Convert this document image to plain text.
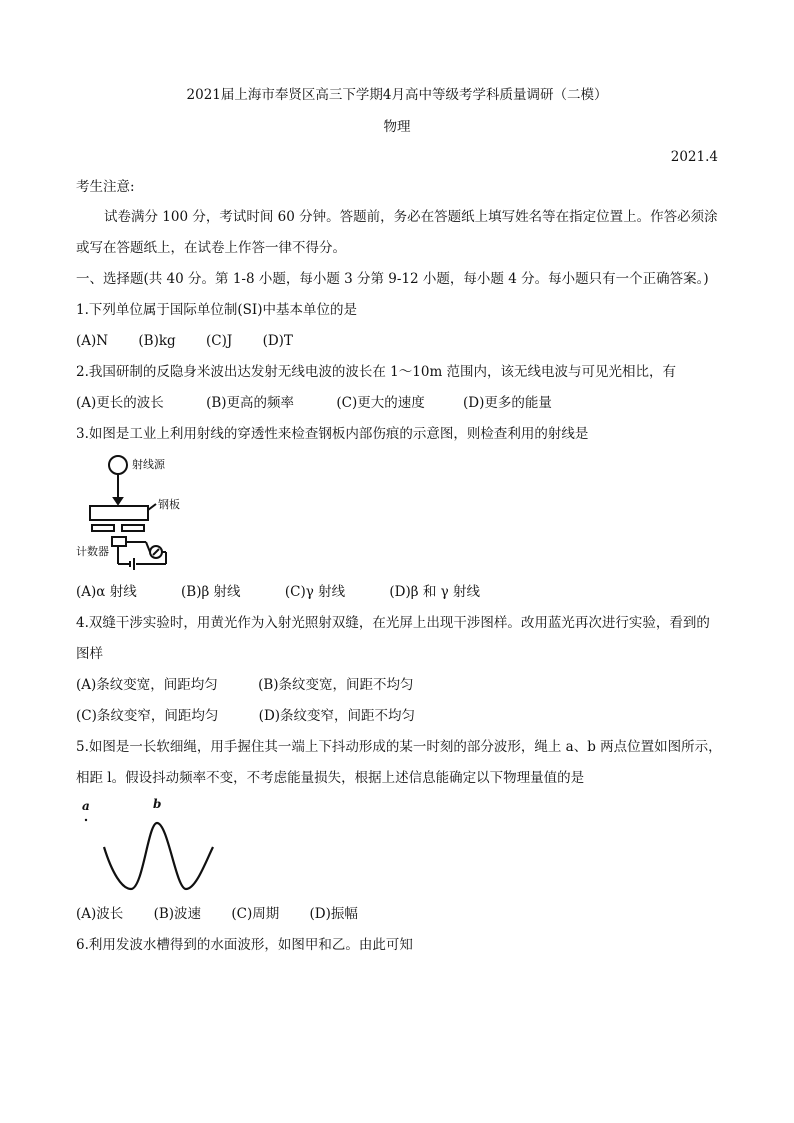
2021届上海市奉贤区高三下学期4月高中等级考学科质量调研（二模）
物理
2021.4
考生注意:
试卷满分 100 分，考试时间 60 分钟。答题前，务必在答题纸上填写姓名等在指定位置上。作答必须涂
或写在答题纸上，在试卷上作答一律不得分。
一、选择题(共 40 分。第 1-8 小题，每小题 3 分第 9-12 小题，每小题 4 分。每小题只有一个正确答案。)
1.下列单位属于国际单位制(SI)中基本单位的是
(A)N (B)kg (C)J (D)T
2.我国研制的反隐身米波出达发射无线电波的波长在 1～10m 范围内，该无线电波与可见光相比，有
(A)更长的波长	(B)更高的频率	(C)更大的速度	(D)更多的能量
3.如图是工业上利用射线的穿透性来检查钢板内部伤痕的示意图，则检查利用的射线是
射线源
钢板
计数器
(A)α 射线	(B)β 射线	(C)γ 射线	(D)β 和 γ 射线
4.双缝干涉实验时，用黄光作为入射光照射双缝，在光屏上出现干涉图样。改用蓝光再次进行实验，看到的
图样
(A)条纹变宽，间距均匀	(B)条纹变宽，间距不均匀
(C)条纹变窄，间距均匀	(D)条纹变窄，间距不均匀
5.如图是一长软细绳，用手握住其一端上下抖动形成的某一时刻的部分波形，绳上 a、b 两点位置如图所示，
相距 l。假设抖动频率不变，不考虑能量损失，根据上述信息能确定以下物理量值的是
a	b
(A)波长 (B)波速 (C)周期 (D)振幅
6.利用发波水槽得到的水面波形，如图甲和乙。由此可知
